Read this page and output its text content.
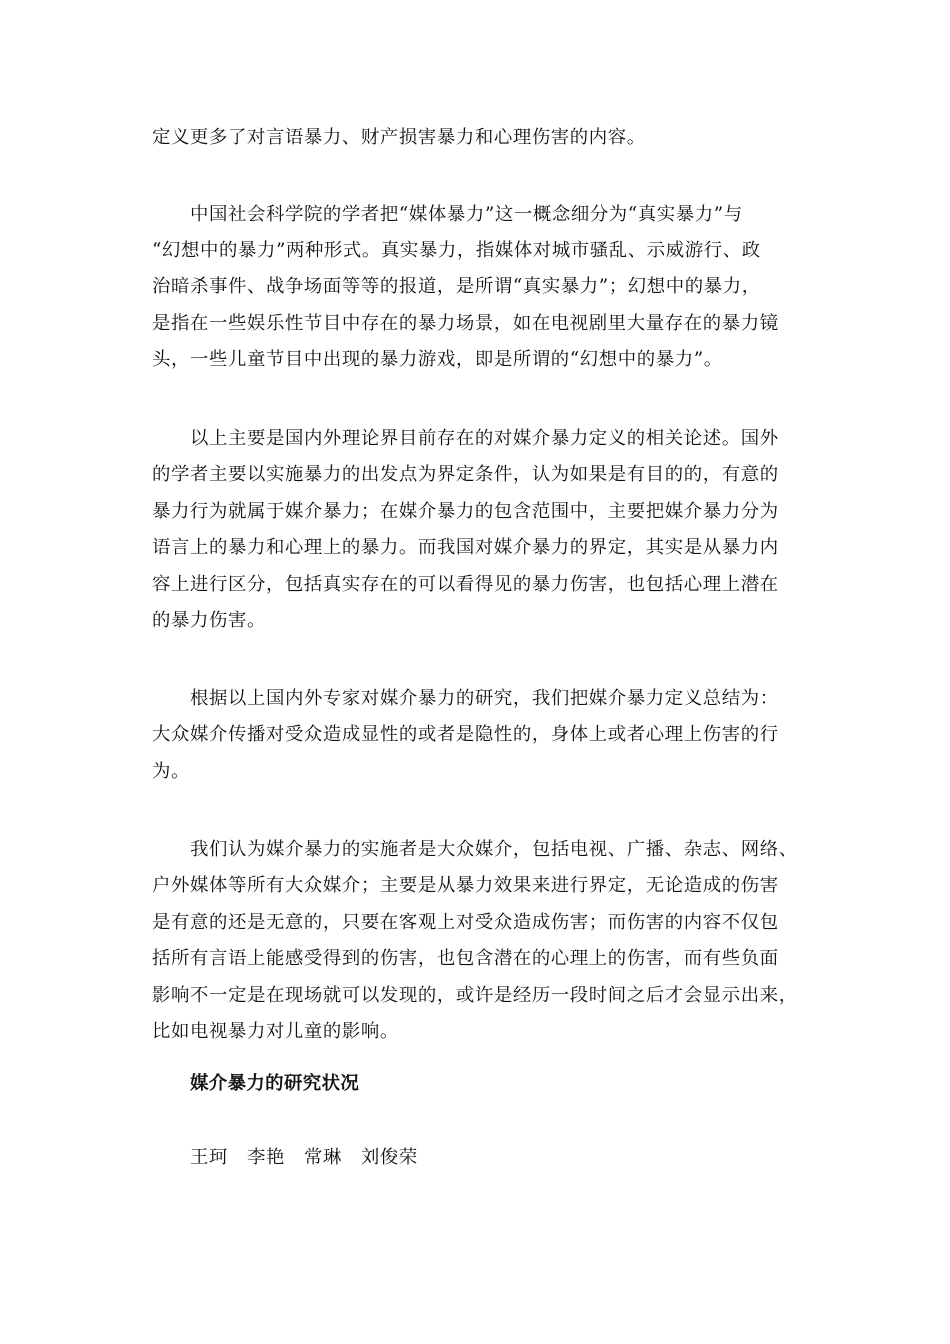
定义更多了对言语暴力、财产损害暴力和心理伤害的内容。
中国社会科学院的学者把“媒体暴力”这一概念细分为“真实暴力”与
“幻想中的暴力”两种形式。真实暴力，指媒体对城市骚乱、示威游行、政
治暗杀事件、战争场面等等的报道，是所谓“真实暴力”；幻想中的暴力，
是指在一些娱乐性节目中存在的暴力场景，如在电视剧里大量存在的暴力镜
头，一些儿童节目中出现的暴力游戏，即是所谓的“幻想中的暴力”。
以上主要是国内外理论界目前存在的对媒介暴力定义的相关论述。国外
的学者主要以实施暴力的出发点为界定条件，认为如果是有目的的，有意的
暴力行为就属于媒介暴力；在媒介暴力的包含范围中，主要把媒介暴力分为
语言上的暴力和心理上的暴力。而我国对媒介暴力的界定，其实是从暴力内
容上进行区分，包括真实存在的可以看得见的暴力伤害，也包括心理上潜在
的暴力伤害。
根据以上国内外专家对媒介暴力的研究，我们把媒介暴力定义总结为：
大众媒介传播对受众造成显性的或者是隐性的，身体上或者心理上伤害的行
为。
我们认为媒介暴力的实施者是大众媒介，包括电视、广播、杂志、网络、
户外媒体等所有大众媒介；主要是从暴力效果来进行界定，无论造成的伤害
是有意的还是无意的，只要在客观上对受众造成伤害；而伤害的内容不仅包
括所有言语上能感受得到的伤害，也包含潜在的心理上的伤害，而有些负面
影响不一定是在现场就可以发现的，或许是经历一段时间之后才会显示出来，
比如电视暴力对儿童的影响。
媒介暴力的研究状况
王珂　李艳　常琳　刘俊荣
